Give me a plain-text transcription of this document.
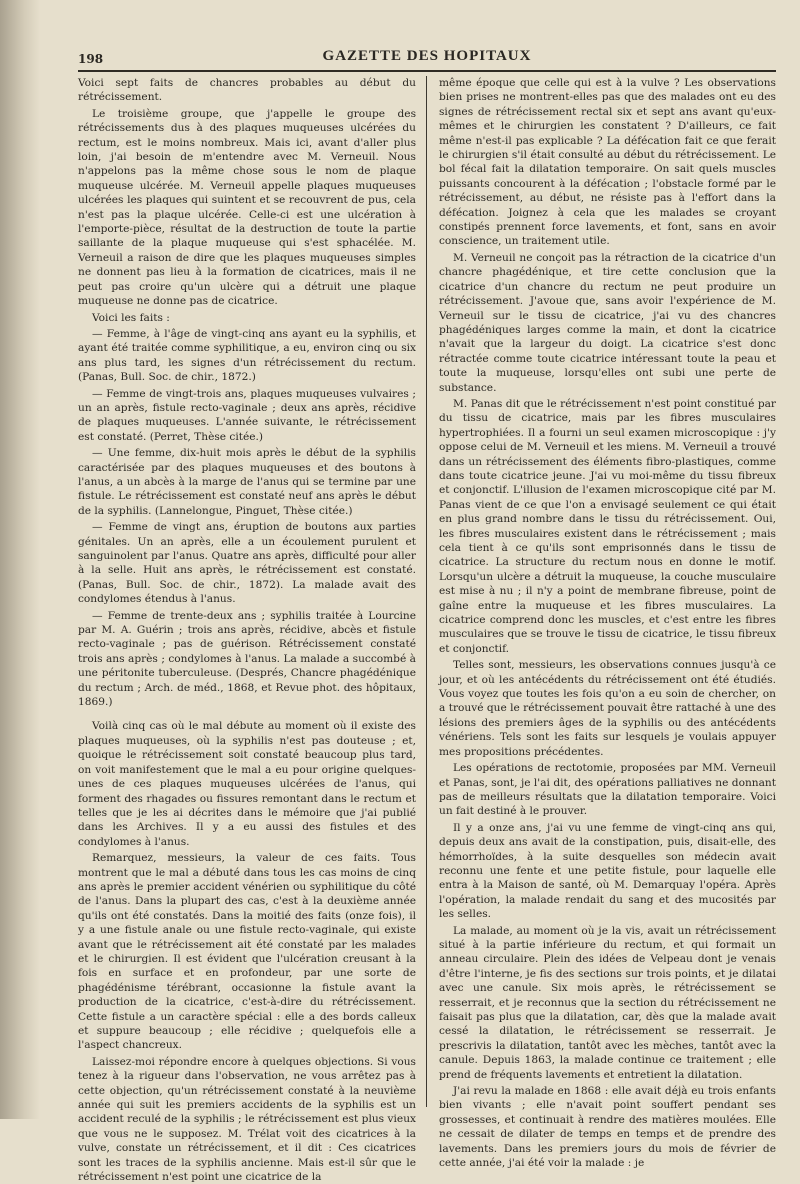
198	GAZETTE DES HOPITAUX

Voici sept faits de chancres probables au début du rétrécissement.

Le troisième groupe, que j'appelle le groupe des rétrécissements dus à des plaques muqueuses ulcérées du rectum, est le moins nombreux. Mais ici, avant d'aller plus loin, j'ai besoin de m'entendre avec M. Verneuil. Nous n'appelons pas la même chose sous le nom de plaque muqueuse ulcérée. M. Verneuil appelle plaques muqueuses ulcérées les plaques qui suintent et se recouvrent de pus, cela n'est pas la plaque ulcérée. Celle-ci est une ulcération à l'emporte-pièce, résultat de la destruction de toute la partie saillante de la plaque muqueuse qui s'est sphacélée. M. Verneuil a raison de dire que les plaques muqueuses simples ne donnent pas lieu à la formation de cicatrices, mais il ne peut pas croire qu'un ulcère qui a détruit une plaque muqueuse ne donne pas de cicatrice.

Voici les faits :

— Femme, à l'âge de vingt-cinq ans ayant eu la syphilis, et ayant été traitée comme syphilitique, a eu, environ cinq ou six ans plus tard, les signes d'un rétrécissement du rectum. (Panas, Bull. Soc. de chir., 1872.)

— Femme de vingt-trois ans, plaques muqueuses vulvaires ; un an après, fistule recto-vaginale ; deux ans après, récidive de plaques muqueuses. L'année suivante, le rétrécissement est constaté. (Perret, Thèse citée.)

— Une femme, dix-huit mois après le début de la syphilis caractérisée par des plaques muqueuses et des boutons à l'anus, a un abcès à la marge de l'anus qui se termine par une fistule. Le rétrécissement est constaté neuf ans après le début de la syphilis. (Lannelongue, Pinguet, Thèse citée.)

— Femme de vingt ans, éruption de boutons aux parties génitales. Un an après, elle a un écoulement purulent et sanguinolent par l'anus. Quatre ans après, difficulté pour aller à la selle. Huit ans après, le rétrécissement est constaté. (Panas, Bull. Soc. de chir., 1872). La malade avait des condylomes étendus à l'anus.

— Femme de trente-deux ans ; syphilis traitée à Lourcine par M. A. Guérin ; trois ans après, récidive, abcès et fistule recto-vaginale ; pas de guérison. Rétrécissement constaté trois ans après ; condylomes à l'anus. La malade a succombé à une péritonite tuberculeuse. (Després, Chancre phagédénique du rectum ; Arch. de méd., 1868, et Revue phot. des hôpitaux, 1869.)

Voilà cinq cas où le mal débute au moment où il existe des plaques muqueuses, où la syphilis n'est pas douteuse ; et, quoique le rétrécissement soit constaté beaucoup plus tard, on voit manifestement que le mal a eu pour origine quelques-unes de ces plaques muqueuses ulcérées de l'anus, qui forment des rhagades ou fissures remontant dans le rectum et telles que je les ai décrites dans le mémoire que j'ai publié dans les Archives. Il y a eu aussi des fistules et des condylomes à l'anus.

Remarquez, messieurs, la valeur de ces faits. Tous montrent que le mal a débuté dans tous les cas moins de cinq ans après le premier accident vénérien ou syphilitique du côté de l'anus. Dans la plupart des cas, c'est à la deuxième année qu'ils ont été constatés. Dans la moitié des faits (onze fois), il y a une fistule anale ou une fistule recto-vaginale, qui existe avant que le rétrécissement ait été constaté par les malades et le chirurgien. Il est évident que l'ulcération creusant à la fois en surface et en profondeur, par une sorte de phagédénisme térébrant, occasionne la fistule avant la production de la cicatrice, c'est-à-dire du rétrécissement. Cette fistule a un caractère spécial : elle a des bords calleux et suppure beaucoup ; elle récidive ; quelquefois elle a l'aspect chancreux.

Laissez-moi répondre encore à quelques objections. Si vous tenez à la rigueur dans l'observation, ne vous arrêtez pas à cette objection, qu'un rétrécissement constaté à la neuvième année qui suit les premiers accidents de la syphilis est un accident reculé de la syphilis ; le rétrécissement est plus vieux que vous ne le supposez. M. Trélat voit des cicatrices à la vulve, constate un rétrécissement, et il dit : Ces cicatrices sont les traces de la syphilis ancienne. Mais est-il sûr que le rétrécissement n'est point une cicatrice de la

même époque que celle qui est à la vulve ? Les observations bien prises ne montrent-elles pas que des malades ont eu des signes de rétrécissement rectal six et sept ans avant qu'eux-mêmes et le chirurgien les constatent ? D'ailleurs, ce fait même n'est-il pas explicable ? La défécation fait ce que ferait le chirurgien s'il était consulté au début du rétrécissement. Le bol fécal fait la dilatation temporaire. On sait quels muscles puissants concourent à la défécation ; l'obstacle formé par le rétrécissement, au début, ne résiste pas à l'effort dans la défécation. Joignez à cela que les malades se croyant constipés prennent force lavements, et font, sans en avoir conscience, un traitement utile.

M. Verneuil ne conçoit pas la rétraction de la cicatrice d'un chancre phagédénique, et tire cette conclusion que la cicatrice d'un chancre du rectum ne peut produire un rétrécissement. J'avoue que, sans avoir l'expérience de M. Verneuil sur le tissu de cicatrice, j'ai vu des chancres phagédéniques larges comme la main, et dont la cicatrice n'avait que la largeur du doigt. La cicatrice s'est donc rétractée comme toute cicatrice intéressant toute la peau et toute la muqueuse, lorsqu'elles ont subi une perte de substance.

M. Panas dit que le rétrécissement n'est point constitué par du tissu de cicatrice, mais par les fibres musculaires hypertrophiées. Il a fourni un seul examen microscopique : j'y oppose celui de M. Verneuil et les miens. M. Verneuil a trouvé dans un rétrécissement des éléments fibro-plastiques, comme dans toute cicatrice jeune. J'ai vu moi-même du tissu fibreux et conjonctif. L'illusion de l'examen microscopique cité par M. Panas vient de ce que l'on a envisagé seulement ce qui était en plus grand nombre dans le tissu du rétrécissement. Oui, les fibres musculaires existent dans le rétrécissement ; mais cela tient à ce qu'ils sont emprisonnés dans le tissu de cicatrice. La structure du rectum nous en donne le motif. Lorsqu'un ulcère a détruit la muqueuse, la couche musculaire est mise à nu ; il n'y a point de membrane fibreuse, point de gaîne entre la muqueuse et les fibres musculaires. La cicatrice comprend donc les muscles, et c'est entre les fibres musculaires que se trouve le tissu de cicatrice, le tissu fibreux et conjonctif.

Telles sont, messieurs, les observations connues jusqu'à ce jour, et où les antécédents du rétrécissement ont été étudiés. Vous voyez que toutes les fois qu'on a eu soin de chercher, on a trouvé que le rétrécissement pouvait être rattaché à une des lésions des premiers âges de la syphilis ou des antécédents vénériens. Tels sont les faits sur lesquels je voulais appuyer mes propositions précédentes.

Les opérations de rectotomie, proposées par MM. Verneuil et Panas, sont, je l'ai dit, des opérations palliatives ne donnant pas de meilleurs résultats que la dilatation temporaire. Voici un fait destiné à le prouver.

Il y a onze ans, j'ai vu une femme de vingt-cinq ans qui, depuis deux ans avait de la constipation, puis, disait-elle, des hémorrhoïdes, à la suite desquelles son médecin avait reconnu une fente et une petite fistule, pour laquelle elle entra à la Maison de santé, où M. Demarquay l'opéra. Après l'opération, la malade rendait du sang et des mucosités par les selles.

La malade, au moment où je la vis, avait un rétrécissement situé à la partie inférieure du rectum, et qui formait un anneau circulaire. Plein des idées de Velpeau dont je venais d'être l'interne, je fis des sections sur trois points, et je dilatai avec une canule. Six mois après, le rétrécissement se resserrait, et je reconnus que la section du rétrécissement ne faisait pas plus que la dilatation, car, dès que la malade avait cessé la dilatation, le rétrécissement se resserrait. Je prescrivis la dilatation, tantôt avec les mèches, tantôt avec la canule. Depuis 1863, la malade continue ce traitement ; elle prend de fréquents lavements et entretient la dilatation.

J'ai revu la malade en 1868 : elle avait déjà eu trois enfants bien vivants ; elle n'avait point souffert pendant ses grossesses, et continuait à rendre des matières moulées. Elle ne cessait de dilater de temps en temps et de prendre des lavements. Dans les premiers jours du mois de février de cette année, j'ai été voir la malade : je
